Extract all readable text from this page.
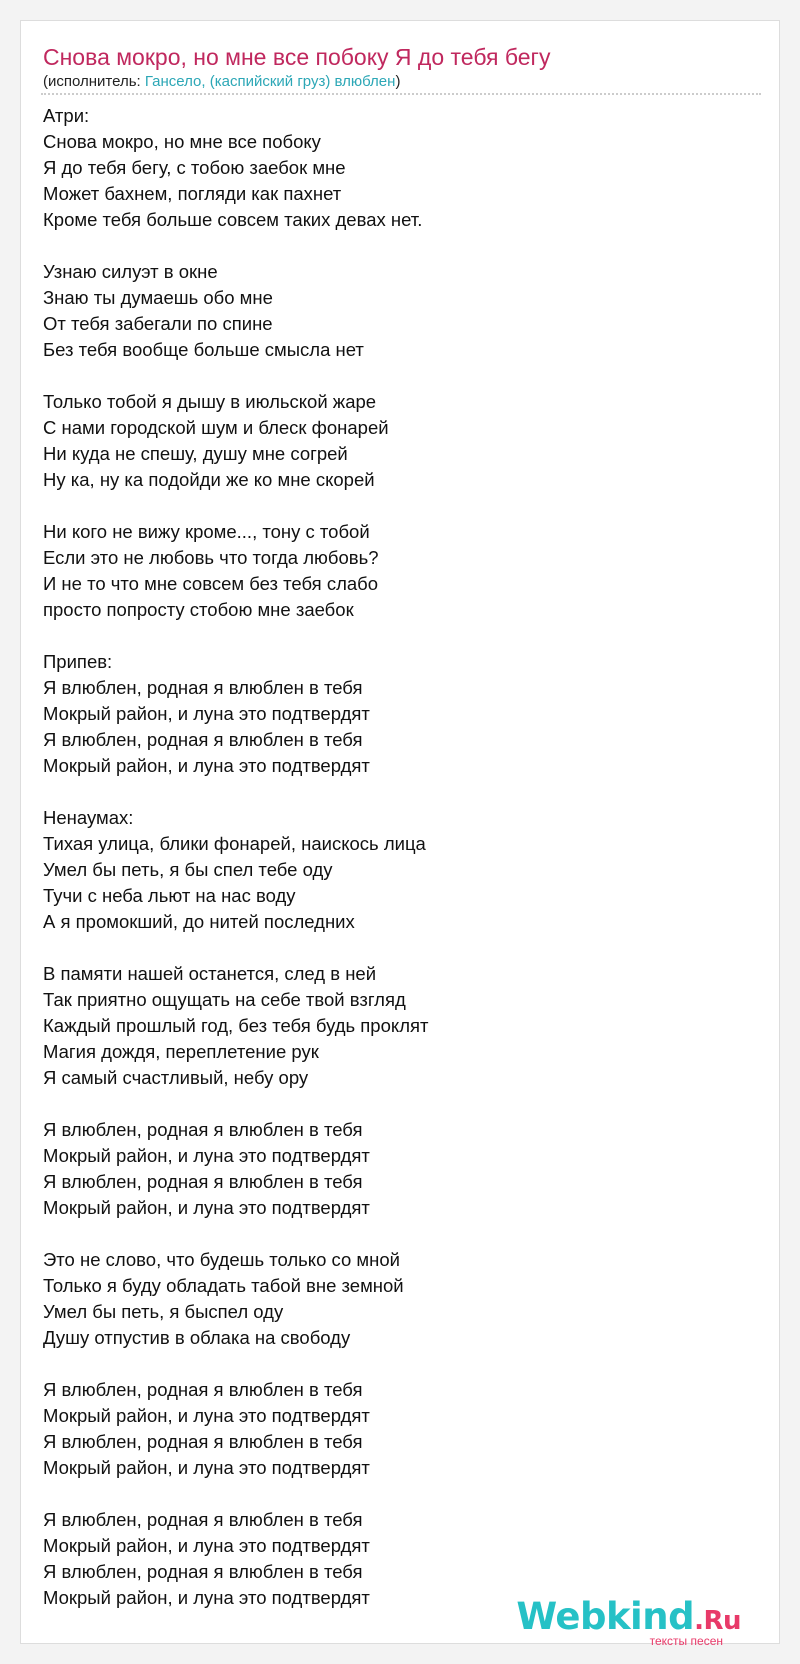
Снова мокро, но мне все побоку Я до тебя бегу
(исполнитель: Гансело, (каспийский груз) влюблен)
Атри:
Снова мокро, но мне все побоку
Я до тебя бегу, с тобою заебок мне
Может бахнем, погляди как пахнет
Кроме тебя больше совсем таких девах нет.
Узнаю силуэт в окне
Знаю ты думаешь обо мне
От тебя забегали по спине
Без тебя вообще больше смысла нет
Только тобой я дышу в июльской жаре
С нами городской шум и блеск фонарей
Ни куда не спешу, душу мне согрей
Ну ка, ну ка подойди же ко мне скорей
Ни кого не вижу кроме..., тону с тобой
Если это не любовь что тогда любовь?
И не то что мне совсем без тебя слабо
просто попросту стобою мне заебок
Припев:
Я влюблен, родная я влюблен в тебя
Мокрый район, и луна это подтвердят
Я влюблен, родная я влюблен в тебя
Мокрый район, и луна это подтвердят
Ненаумах:
Тихая улица, блики фонарей, наискось лица
Умел бы петь, я бы спел тебе оду
Тучи с неба льют на нас воду
А я промокший, до нитей последних
В памяти нашей останется, след в ней
Так приятно ощущать на себе твой взгляд
Каждый прошлый год, без тебя будь проклят
Магия дождя, переплетение рук
Я самый счастливый, небу ору
Я влюблен, родная я влюблен в тебя
Мокрый район, и луна это подтвердят
Я влюблен, родная я влюблен в тебя
Мокрый район, и луна это подтвердят
Это не слово, что будешь только со мной
Только я буду обладать табой вне земной
Умел бы петь, я быспел оду
Душу отпустив в облака на свободу
Я влюблен, родная я влюблен в тебя
Мокрый район, и луна это подтвердят
Я влюблен, родная я влюблен в тебя
Мокрый район, и луна это подтвердят
Я влюблен, родная я влюблен в тебя
Мокрый район, и луна это подтвердят
Я влюблен, родная я влюблен в тебя
Мокрый район, и луна это подтвердят	Webkind.Ru
тексты песен
